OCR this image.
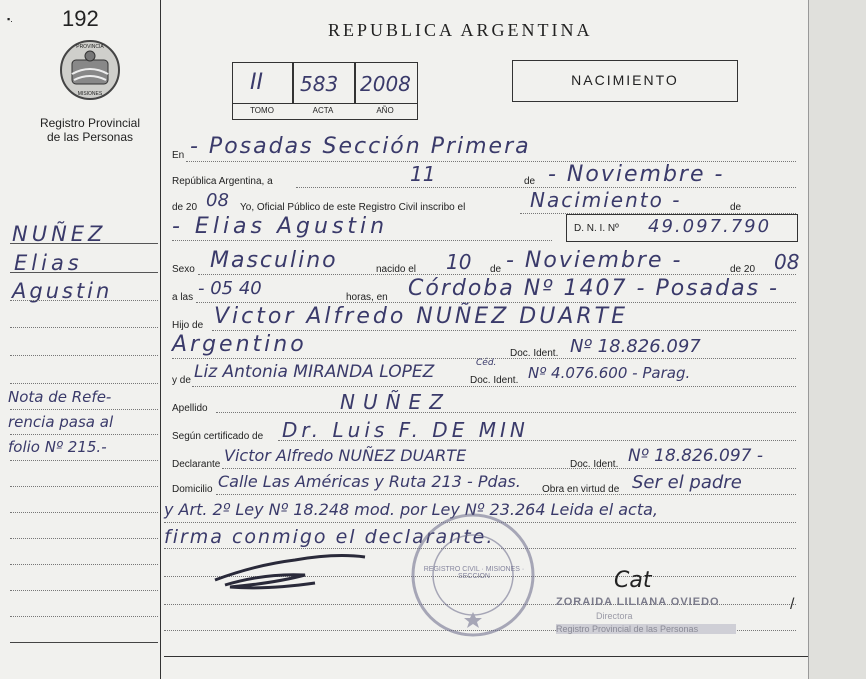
192
▪.
PROVINCIA
MISIONES
Registro Provincial
de las Personas
NUÑEZ
Elias
Agustin
Nota de Refe-
rencia pasa al
folio Nº 215.-
REPUBLICA ARGENTINA
II 583 2008
TOMO	ACTA	AÑO
NACIMIENTO
En - Posadas Sección Primera
República Argentina, a	11	de - Noviembre -
de 20 08 Yo, Oficial Público de este Registro Civil inscribo el	Nacimiento -	de
- Elias Agustin	D. N. I. Nº 49.097.790
Sexo Masculino	nacido el 10 de - Noviembre -	de 20 08
a las - 05 40	horas, en Córdoba Nº 1407 - Posadas -
Hijo de Victor Alfredo NUÑEZ DUARTE
Argentino	Doc. Ident. Nº 18.826.097
y de Liz Antonia MIRANDA LOPEZ	Céd.
Doc. Ident. Nº 4.076.600 - Parag.
Apellido	NUÑEZ
Según certificado de Dr. Luis F. DE MIN
Declarante Victor Alfredo NUÑEZ DUARTE	Doc. Ident. Nº 18.826.097 -
Domicilio Calle Las Américas y Ruta 213 - Pdas. Obra en virtud de Ser el padre
y Art. 2º Ley Nº 18.248 mod. por Ley Nº 23.264 Leida el acta,
firma conmigo el declarante.
REGISTRO CIVIL · MISIONES · SECCION	Cat
ZORAIDA LILIANA OVIEDO
Directora
Registro Provincial de las Personas
/
